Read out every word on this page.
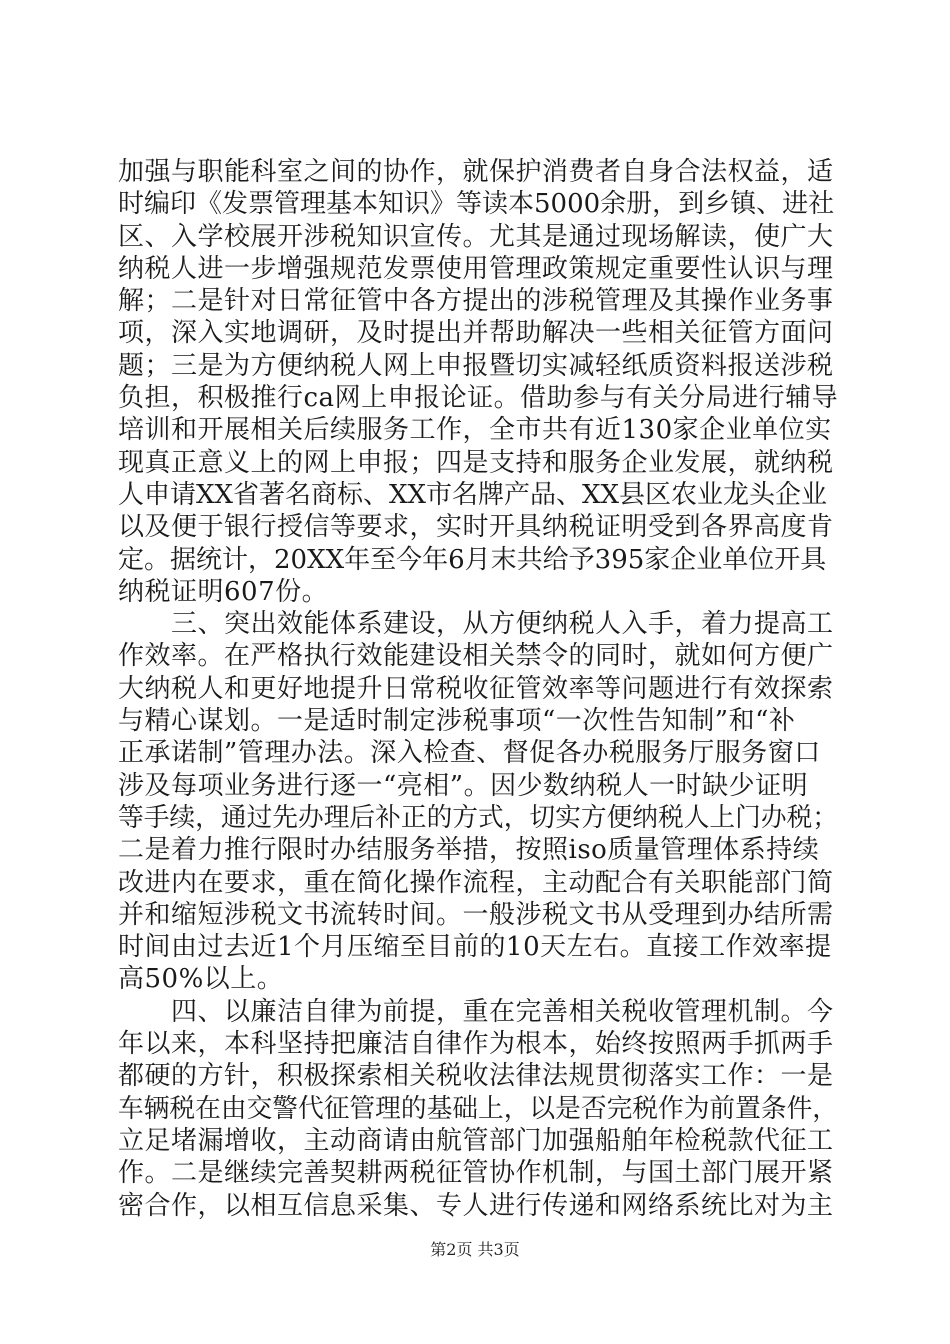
加强与职能科室之间的协作，就保护消费者自身合法权益，适
时编印《发票管理基本知识》等读本5000余册，到乡镇、进社
区、入学校展开涉税知识宣传。尤其是通过现场解读，使广大
纳税人进一步增强规范发票使用管理政策规定重要性认识与理
解；二是针对日常征管中各方提出的涉税管理及其操作业务事
项，深入实地调研，及时提出并帮助解决一些相关征管方面问
题；三是为方便纳税人网上申报暨切实减轻纸质资料报送涉税
负担，积极推行ca网上申报论证。借助参与有关分局进行辅导
培训和开展相关后续服务工作，全市共有近130家企业单位实
现真正意义上的网上申报；四是支持和服务企业发展，就纳税
人申请XX省著名商标、XX市名牌产品、XX县区农业龙头企业
以及便于银行授信等要求，实时开具纳税证明受到各界高度肯
定。据统计，20XX年至今年6月末共给予395家企业单位开具
纳税证明607份。
　　三、突出效能体系建设，从方便纳税人入手，着力提高工
作效率。在严格执行效能建设相关禁令的同时，就如何方便广
大纳税人和更好地提升日常税收征管效率等问题进行有效探索
与精心谋划。一是适时制定涉税事项“一次性告知制”和“补
正承诺制”管理办法。深入检查、督促各办税服务厅服务窗口
涉及每项业务进行逐一“亮相”。因少数纳税人一时缺少证明
等手续，通过先办理后补正的方式，切实方便纳税人上门办税；
二是着力推行限时办结服务举措，按照iso质量管理体系持续
改进内在要求，重在简化操作流程，主动配合有关职能部门简
并和缩短涉税文书流转时间。一般涉税文书从受理到办结所需
时间由过去近1个月压缩至目前的10天左右。直接工作效率提
高50%以上。
　　四、以廉洁自律为前提，重在完善相关税收管理机制。今
年以来，本科坚持把廉洁自律作为根本，始终按照两手抓两手
都硬的方针，积极探索相关税收法律法规贯彻落实工作：一是
车辆税在由交警代征管理的基础上，以是否完税作为前置条件，
立足堵漏增收，主动商请由航管部门加强船舶年检税款代征工
作。二是继续完善契耕两税征管协作机制，与国土部门展开紧
密合作，以相互信息采集、专人进行传递和网络系统比对为主
第2页 共3页
